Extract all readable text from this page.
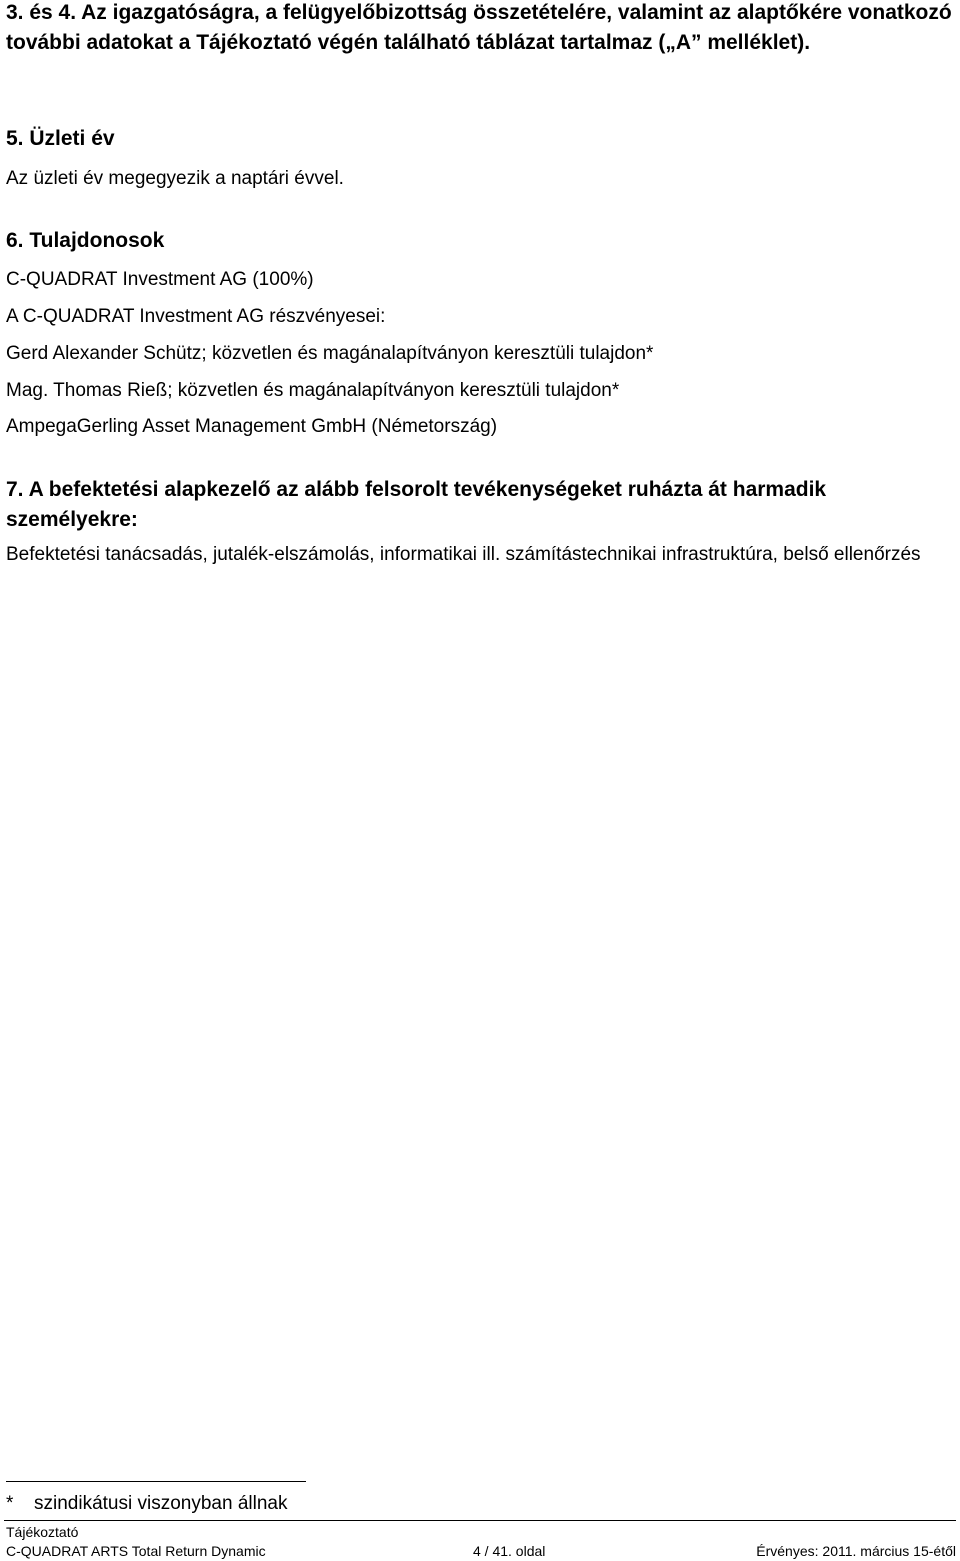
3. és 4. Az igazgatóságra, a felügyelőbizottság összetételére, valamint az alaptőkére vonatkozó további adatokat a Tájékoztató végén található táblázat tartalmaz („A” melléklet).

5. Üzleti év

Az üzleti év megegyezik a naptári évvel.

6. Tulajdonosok

C-QUADRAT Investment AG (100%)

A C-QUADRAT Investment AG részvényesei:

Gerd Alexander Schütz; közvetlen és magánalapítványon keresztüli tulajdon*

Mag. Thomas Rieß; közvetlen és magánalapítványon keresztüli tulajdon*

AmpegaGerling Asset Management GmbH (Németország)

7. A befektetési alapkezelő az alább felsorolt tevékenységeket ruházta át harmadik személyekre:

Befektetési tanácsadás, jutalék-elszámolás, informatikai ill. számítástechnikai infrastruktúra, belső ellenőrzés

* szindikátusi viszonyban állnak
Tájékoztató
C-QUADRAT ARTS Total Return Dynamic	4 / 41. oldal	Érvényes: 2011. március 15-étől
